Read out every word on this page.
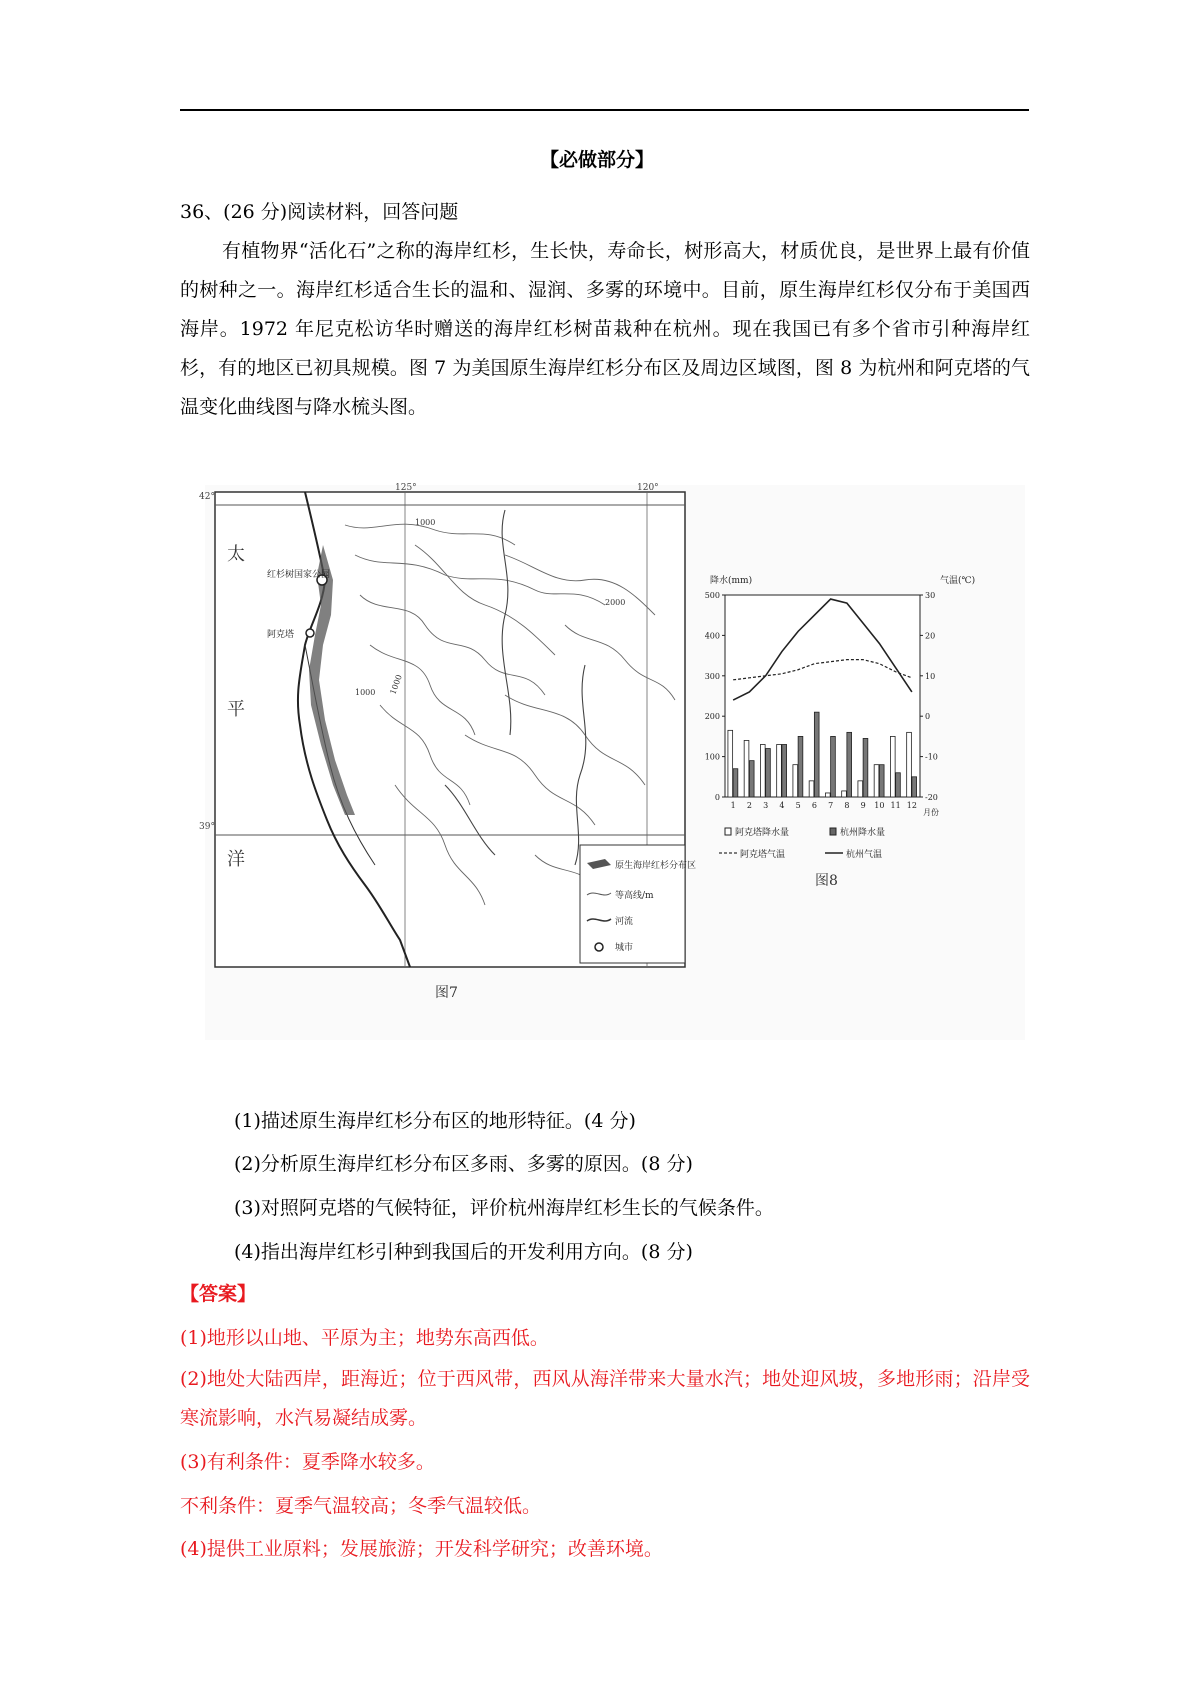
【必做部分】
36、(26 分)阅读材料，回答问题
有植物界“活化石”之称的海岸红杉，生长快，寿命长，树形高大，材质优良，是世界上最有价值的树种之一。海岸红杉适合生长的温和、湿润、多雾的环境中。目前，原生海岸红杉仅分布于美国西海岸。1972 年尼克松访华时赠送的海岸红杉树苗栽种在杭州。现在我国已有多个省市引种海岸红杉，有的地区已初具规模。图 7 为美国原生海岸红杉分布区及周边区域图，图 8 为杭州和阿克塔的气温变化曲线图与降水梳头图。
125°	120°
42°
39°
1000
1000
2000
1000
太
平
洋
红杉树国家公园
阿克塔
原生海岸红杉分布区
等高线/m
河流
城市
图7
降水(mm)	气温(℃)
0
100
200
300
400
500
-20
-10
0
10
20
30
1 2 3 4 5 6 7 8 9 10 11 12
月份
阿克塔降水量	杭州降水量
阿克塔气温	杭州气温
图8
(1)描述原生海岸红杉分布区的地形特征。(4 分)
(2)分析原生海岸红杉分布区多雨、多雾的原因。(8 分)
(3)对照阿克塔的气候特征，评价杭州海岸红杉生长的气候条件。
(4)指出海岸红杉引种到我国后的开发利用方向。(8 分)
【答案】
(1)地形以山地、平原为主；地势东高西低。
(2)地处大陆西岸，距海近；位于西风带，西风从海洋带来大量水汽；地处迎风坡，多地形雨；沿岸受寒流影响，水汽易凝结成雾。
(3)有利条件：夏季降水较多。
不利条件：夏季气温较高；冬季气温较低。
(4)提供工业原料；发展旅游；开发科学研究；改善环境。
